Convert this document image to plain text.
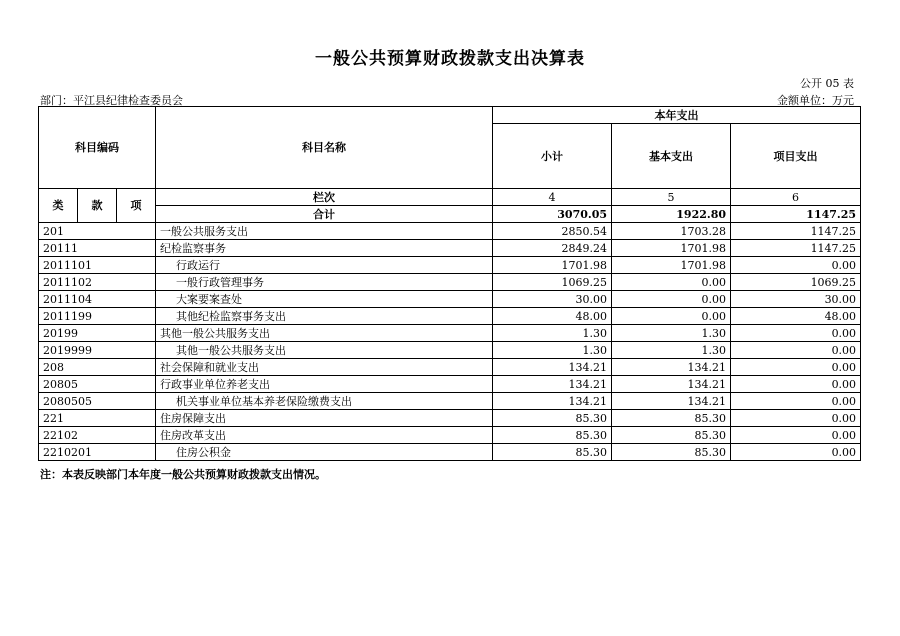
一般公共预算财政拨款支出决算表
公开 05 表
部门：平江县纪律检查委员会	金额单位：万元
科目编码			科目名称	本年支出		
				小计	基本支出	项目支出

类	款	项	栏次	4	5	6
			合计	3070.05	1922.80	1147.25
201			一般公共服务支出	2850.54	1703.28	1147.25
20111			纪检监察事务	2849.24	1701.98	1147.25
2011101			行政运行	1701.98	1701.98	0.00
2011102			一般行政管理事务	1069.25	0.00	1069.25
2011104			大案要案查处	30.00	0.00	30.00
2011199			其他纪检监察事务支出	48.00	0.00	48.00
20199			其他一般公共服务支出	1.30	1.30	0.00
2019999			其他一般公共服务支出	1.30	1.30	0.00
208			社会保障和就业支出	134.21	134.21	0.00
20805			行政事业单位养老支出	134.21	134.21	0.00
2080505			机关事业单位基本养老保险缴费支出	134.21	134.21	0.00
221			住房保障支出	85.30	85.30	0.00
22102			住房改革支出	85.30	85.30	0.00
2210201			住房公积金	85.30	85.30	0.00
注：本表反映部门本年度一般公共预算财政拨款支出情况。
